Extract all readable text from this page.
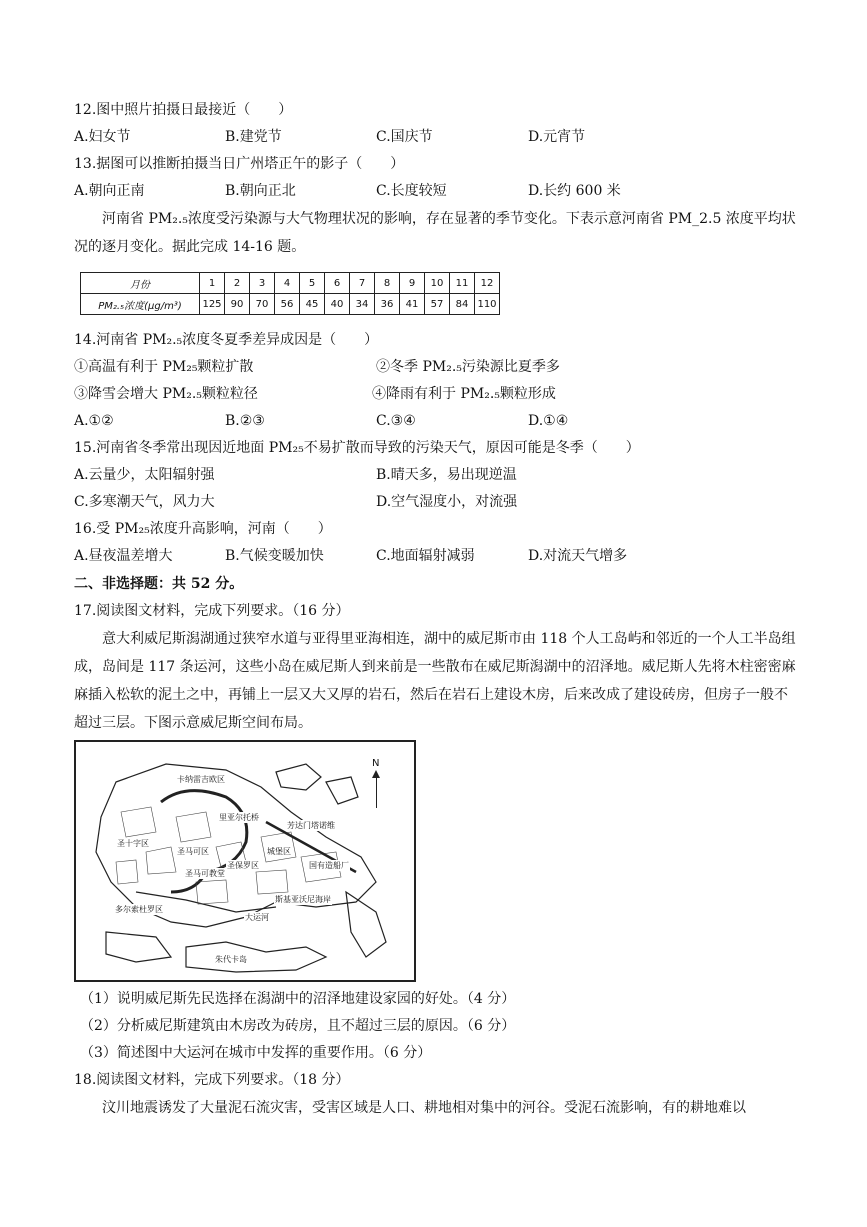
12.图中照片拍摄日最接近（　　）
A.妇女节	B.建党节	C.国庆节	D.元宵节
13.据图可以推断拍摄当日广州塔正午的影子（　　）
A.朝向正南	B.朝向正北	C.长度较短	D.长约 600 米
河南省 PM₂.₅浓度受污染源与大气物理状况的影响，存在显著的季节变化。下表示意河南省 PM_2.5 浓度平均状况的逐月变化。据此完成 14-16 题。
月份	1	2	3	4	5	6	7	8	9	10	11	12
PM₂.₅浓度(μg/m³)	125	90	70	56	45	40	34	36	41	57	84	110
14.河南省 PM₂.₅浓度冬夏季差异成因是（　　）
①高温有利于 PM₂₅颗粒扩散	②冬季 PM₂.₅污染源比夏季多
③降雪会增大 PM₂.₅颗粒粒径	④降雨有利于 PM₂.₅颗粒形成
A.①②	B.②③	C.③④	D.①④
15.河南省冬季常出现因近地面 PM₂₅不易扩散而导致的污染天气，原因可能是冬季（　　）
A.云量少，太阳辐射强	B.晴天多，易出现逆温
C.多寒潮天气，风力大	D.空气湿度小，对流强
16.受 PM₂₅浓度升高影响，河南（　　）
A.昼夜温差增大	B.气候变暖加快	C.地面辐射减弱	D.对流天气增多
二、非选择题：共 52 分。
17.阅读图文材料，完成下列要求。（16 分）
意大利威尼斯潟湖通过狭窄水道与亚得里亚海相连，湖中的威尼斯市由 118 个人工岛屿和邻近的一个人工半岛组成，岛间是 117 条运河，这些小岛在威尼斯人到来前是一些散布在威尼斯潟湖中的沼泽地。威尼斯人先将木柱密密麻麻插入松软的泥土之中，再铺上一层又大又厚的岩石，然后在岩石上建设木房，后来改成了建设砖房，但房子一般不超过三层。下图示意威尼斯空间布局。
N
卡纳雷吉欧区
圣十字区
里亚尔托桥
圣马可区
圣保罗区
城堡区
大运河
多尔索杜罗区
朱代卡岛
圣马可教堂
斯基亚沃尼海岸
国有造船厂
芳达门塔诺维
（1）说明威尼斯先民选择在潟湖中的沼泽地建设家园的好处。（4 分）
（2）分析威尼斯建筑由木房改为砖房，且不超过三层的原因。（6 分）
（3）简述图中大运河在城市中发挥的重要作用。（6 分）
18.阅读图文材料，完成下列要求。（18 分）
汶川地震诱发了大量泥石流灾害，受害区域是人口、耕地相对集中的河谷。受泥石流影响，有的耕地难以
